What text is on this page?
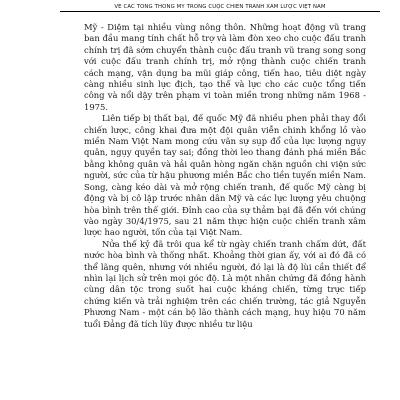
VỀ CÁC TỔNG THỐNG MỸ TRONG CUỘC CHIẾN TRANH XÂM LƯỢC VIỆT NAM

Mỹ - Diệm tại nhiều vùng nông thôn. Những hoạt động vũ trang ban đầu mang tính chất hỗ trợ và làm đòn xeo cho cuộc đấu tranh chính trị đã sớm chuyển thành cuộc đấu tranh vũ trang song song với cuộc đấu tranh chính trị, mở rộng thành cuộc chiến tranh cách mạng, vận dụng ba mũi giáp công, tiến hao, tiêu diệt ngày càng nhiều sinh lực địch, tạo thế và lực cho các cuộc tổng tiến công và nổi dậy trên phạm vi toàn miền trong những năm 1968 - 1975.

Liên tiếp bị thất bại, đế quốc Mỹ đã nhiều phen phải thay đổi chiến lược, công khai đưa một đội quân viễn chinh khổng lồ vào miền Nam Việt Nam mong cứu vãn sự sụp đổ của lực lượng ngụy quân, ngụy quyền tay sai; đồng thời leo thang đánh phá miền Bắc bằng không quân và hải quân hòng ngăn chặn nguồn chi viện sức người, sức của từ hậu phương miền Bắc cho tiền tuyến miền Nam. Song, càng kéo dài và mở rộng chiến tranh, đế quốc Mỹ càng bị động và bị cô lập trước nhân dân Mỹ và các lực lượng yêu chuộng hòa bình trên thế giới. Đỉnh cao của sự thảm bại đã đến với chúng vào ngày 30/4/1975, sau 21 năm thực hiện cuộc chiến tranh xâm lược hao người, tốn của tại Việt Nam.

Nửa thế kỷ đã trôi qua kể từ ngày chiến tranh chấm dứt, đất nước hòa bình và thống nhất. Khoảng thời gian ấy, với ai đó đã có thể lãng quên, nhưng với nhiều người, đó lại là độ lùi cần thiết để nhìn lại lịch sử trên mọi góc độ. Là một nhân chứng đã đồng hành cùng dân tộc trong suốt hai cuộc kháng chiến, từng trực tiếp chứng kiến và trải nghiệm trên các chiến trường, tác giả Nguyễn Phương Nam - một cán bộ lão thành cách mạng, huy hiệu 70 năm tuổi Đảng đã tích lũy được nhiều tư liệu
